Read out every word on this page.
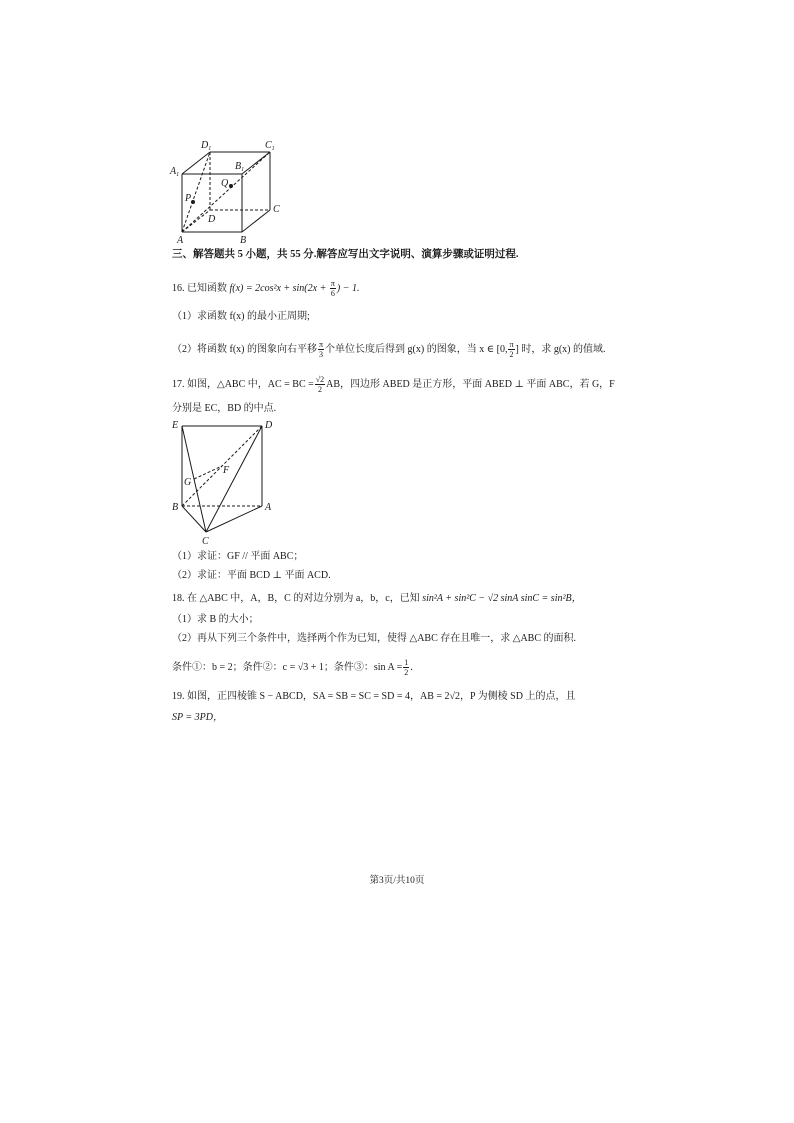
$D_1$	$C_1$
$A_1$
$B_1$
Q
P
D
C
A	B
三、解答题共 5 小题，共 55 分.解答应写出文字说明、演算步骤或证明过程.
16. 已知函数 $f(x) = 2\cos^2x + \sin(2x + \frac{\pi}{6}$ ) − 1.
（1）求函数 f(x) 的最小正周期;
（2）将函数 f(x) 的图象向右平移 $\frac{\pi}{3}$ 个单位长度后得到 g(x) 的图象，当 x ∈ [0, $\frac{\pi}{2}$ ] 时，求 g(x) 的值域.
17. 如图，△ABC 中，AC = BC = $\frac{√2}{2}$ AB，四边形 ABED 是正方形，平面 ABED ⊥ 平面 ABC，若 G，F
分别是 EC，BD 的中点.
E	D
F
G
B	A
C
（1）求证：GF // 平面 ABC；
（2）求证：平面 BCD ⊥ 平面 ACD.
18. 在 △ABC 中，A，B，C 的对边分别为 a，b，c，已知 sin²A + sin²C − √2 sinA sinC = sin²B，
（1）求 B 的大小；
（2）再从下列三个条件中，选择两个作为已知，使得 △ABC 存在且唯一，求 △ABC 的面积.
条件①：b = 2；条件②：c = √3 + 1；条件③：$\sin A = \frac{1}{2}$ .
19. 如图，正四棱锥 S − ABCD，SA = SB = SC = SD = 4，AB = 2√2，P 为侧棱 SD 上的点，且
SP = 3PD，
第3页/共10页
